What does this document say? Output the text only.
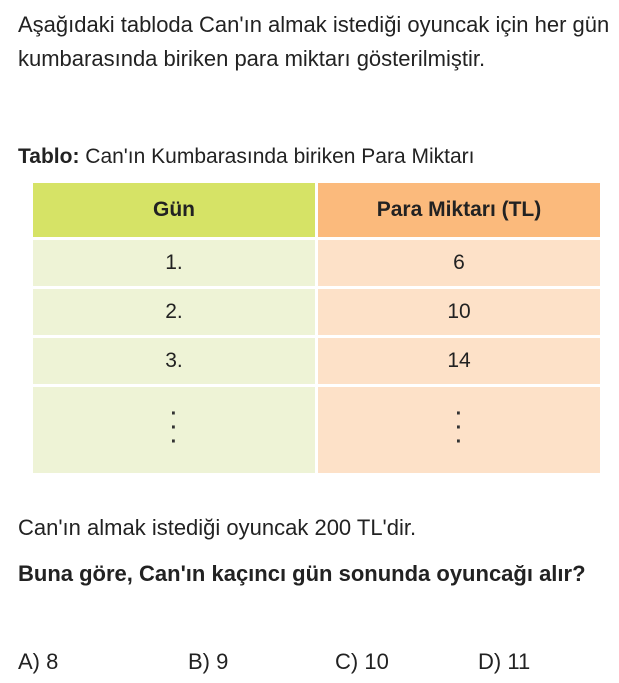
Aşağıdaki tabloda Can'ın almak istediği oyuncak için her gün kumbarasında biriken para miktarı gösterilmiştir.

Tablo: Can'ın Kumbarasında biriken Para Miktarı

Gün	Para Miktarı (TL)
1.	6
2.	10
3.	14
·
·
·	·
·
·

Can'ın almak istediği oyuncak 200 TL'dir.

Buna göre, Can'ın kaçıncı gün sonunda oyuncağı alır?

A) 8	B) 9	C) 10	D) 11
